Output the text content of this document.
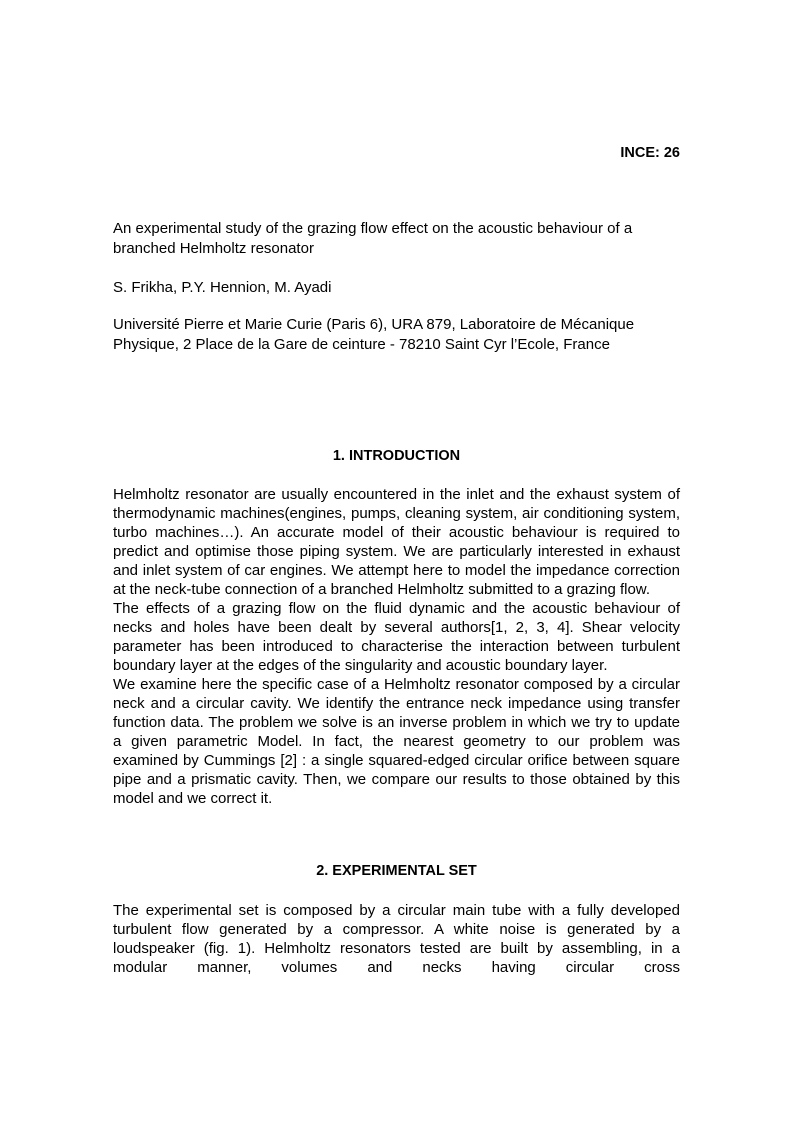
INCE: 26
An experimental study of the grazing flow effect on the acoustic behaviour of a branched Helmholtz resonator
S. Frikha, P.Y. Hennion, M. Ayadi
Université Pierre et Marie Curie (Paris 6), URA 879, Laboratoire de Mécanique Physique, 2 Place de la Gare de ceinture - 78210 Saint Cyr l’Ecole, France
1. INTRODUCTION

Helmholtz resonator are usually encountered in the inlet and the exhaust system of thermodynamic machines(engines, pumps, cleaning system, air conditioning system, turbo machines…). An accurate model of their acoustic behaviour is required to predict and optimise those piping system. We are particularly interested in exhaust and inlet system of car engines. We attempt here to model the impedance correction at the neck-tube connection of a branched Helmholtz submitted to a grazing flow.

The effects of a grazing flow on the fluid dynamic and the acoustic behaviour of necks and holes have been dealt by several authors[1, 2, 3, 4]. Shear velocity parameter has been introduced to characterise the interaction between turbulent boundary layer at the edges of the singularity and acoustic boundary layer.

We examine here the specific case of a Helmholtz resonator composed by a circular neck and a circular cavity. We identify the entrance neck impedance using transfer function data. The problem we solve is an inverse problem in which we try to update a given parametric Model. In fact, the nearest geometry to our problem was examined by Cummings [2] : a single squared-edged circular orifice between square pipe and a prismatic cavity. Then, we compare our results to those obtained by this model and we correct it.

2. EXPERIMENTAL SET

The experimental set is composed by a circular main tube with a fully developed turbulent flow generated by a compressor. A white noise is generated by a loudspeaker (fig. 1). Helmholtz resonators tested are built by assembling, in a modular manner, volumes and necks having circular cross
